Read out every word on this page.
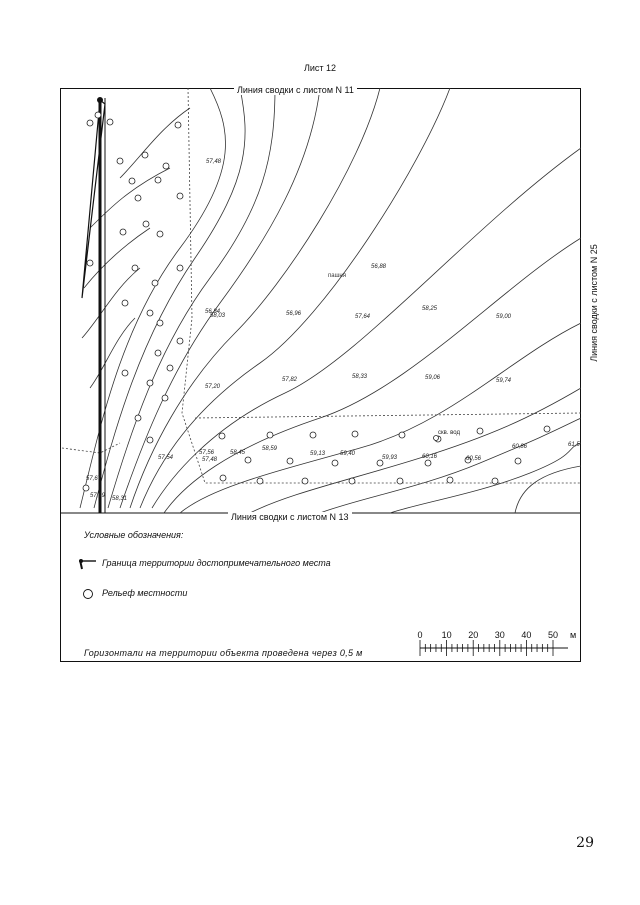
Лист 12
57,48
56,88
58,25
59,00
56,96	57,64
56,84
58,03
57,20
57,82	58,33	59,06	59,74
57,54
57,56
57,48
58,45
58,59
59,13 59,40
59,93	60,16	60,56
60,86	61,5
57,67
57,99 58,31
пашня
скв. вод
Линия сводки с листом N 11
Линия сводки с листом N 13
Линия сводки с листом N 25
Условные обозначения:
Граница территории достопримечательного места
Рельеф местности
0 10 20 30 40 50 м
Горизонтали на территории объекта проведена через 0,5 м
29
